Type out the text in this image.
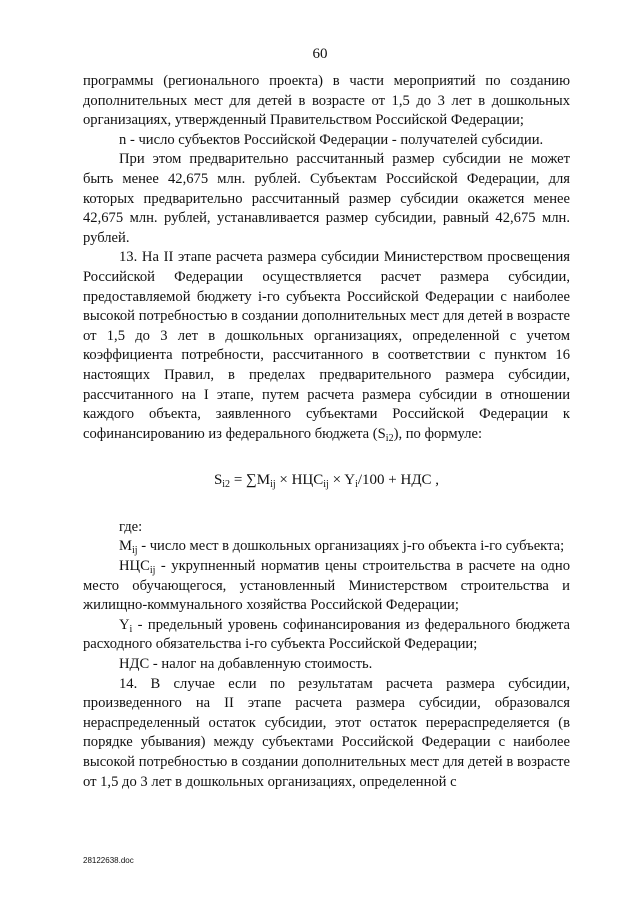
60

программы (регионального проекта) в части мероприятий по созданию дополнительных мест для детей в возрасте от 1,5 до 3 лет в дошкольных организациях, утвержденный Правительством Российской Федерации;

n - число субъектов Российской Федерации - получателей субсидии.

При этом предварительно рассчитанный размер субсидии не может быть менее 42,675 млн. рублей. Субъектам Российской Федерации, для которых предварительно рассчитанный размер субсидии окажется менее 42,675 млн. рублей, устанавливается размер субсидии, равный 42,675 млн. рублей.

13. На II этапе расчета размера субсидии Министерством просвещения Российской Федерации осуществляется расчет размера субсидии, предоставляемой бюджету i-го субъекта Российской Федерации с наиболее высокой потребностью в создании дополнительных мест для детей в возрасте от 1,5 до 3 лет в дошкольных организациях, определенной с учетом коэффициента потребности, рассчитанного в соответствии с пунктом 16 настоящих Правил, в пределах предварительного размера субсидии, рассчитанного на I этапе, путем расчета размера субсидии в отношении каждого объекта, заявленного субъектами Российской Федерации к софинансированию из федерального бюджета $(S_{i2})$, по формуле:

$S_{i2} = \sum M_{ij} \times НЦС_{ij} \times Y_i/100$ + НДС ,

где:

$M_{ij}$ - число мест в дошкольных организациях j-го объекта i-го субъекта;

$НЦС_{ij}$ - укрупненный норматив цены строительства в расчете на одно место обучающегося, установленный Министерством строительства и жилищно-коммунального хозяйства Российской Федерации;

$Y_i$ - предельный уровень софинансирования из федерального бюджета расходного обязательства i-го субъекта Российской Федерации;

НДС - налог на добавленную стоимость.

14. В случае если по результатам расчета размера субсидии, произведенного на II этапе расчета размера субсидии, образовался нераспределенный остаток субсидии, этот остаток перераспределяется (в порядке убывания) между субъектами Российской Федерации с наиболее высокой потребностью в создании дополнительных мест для детей в возрасте от 1,5 до 3 лет в дошкольных организациях, определенной с

28122638.doc
